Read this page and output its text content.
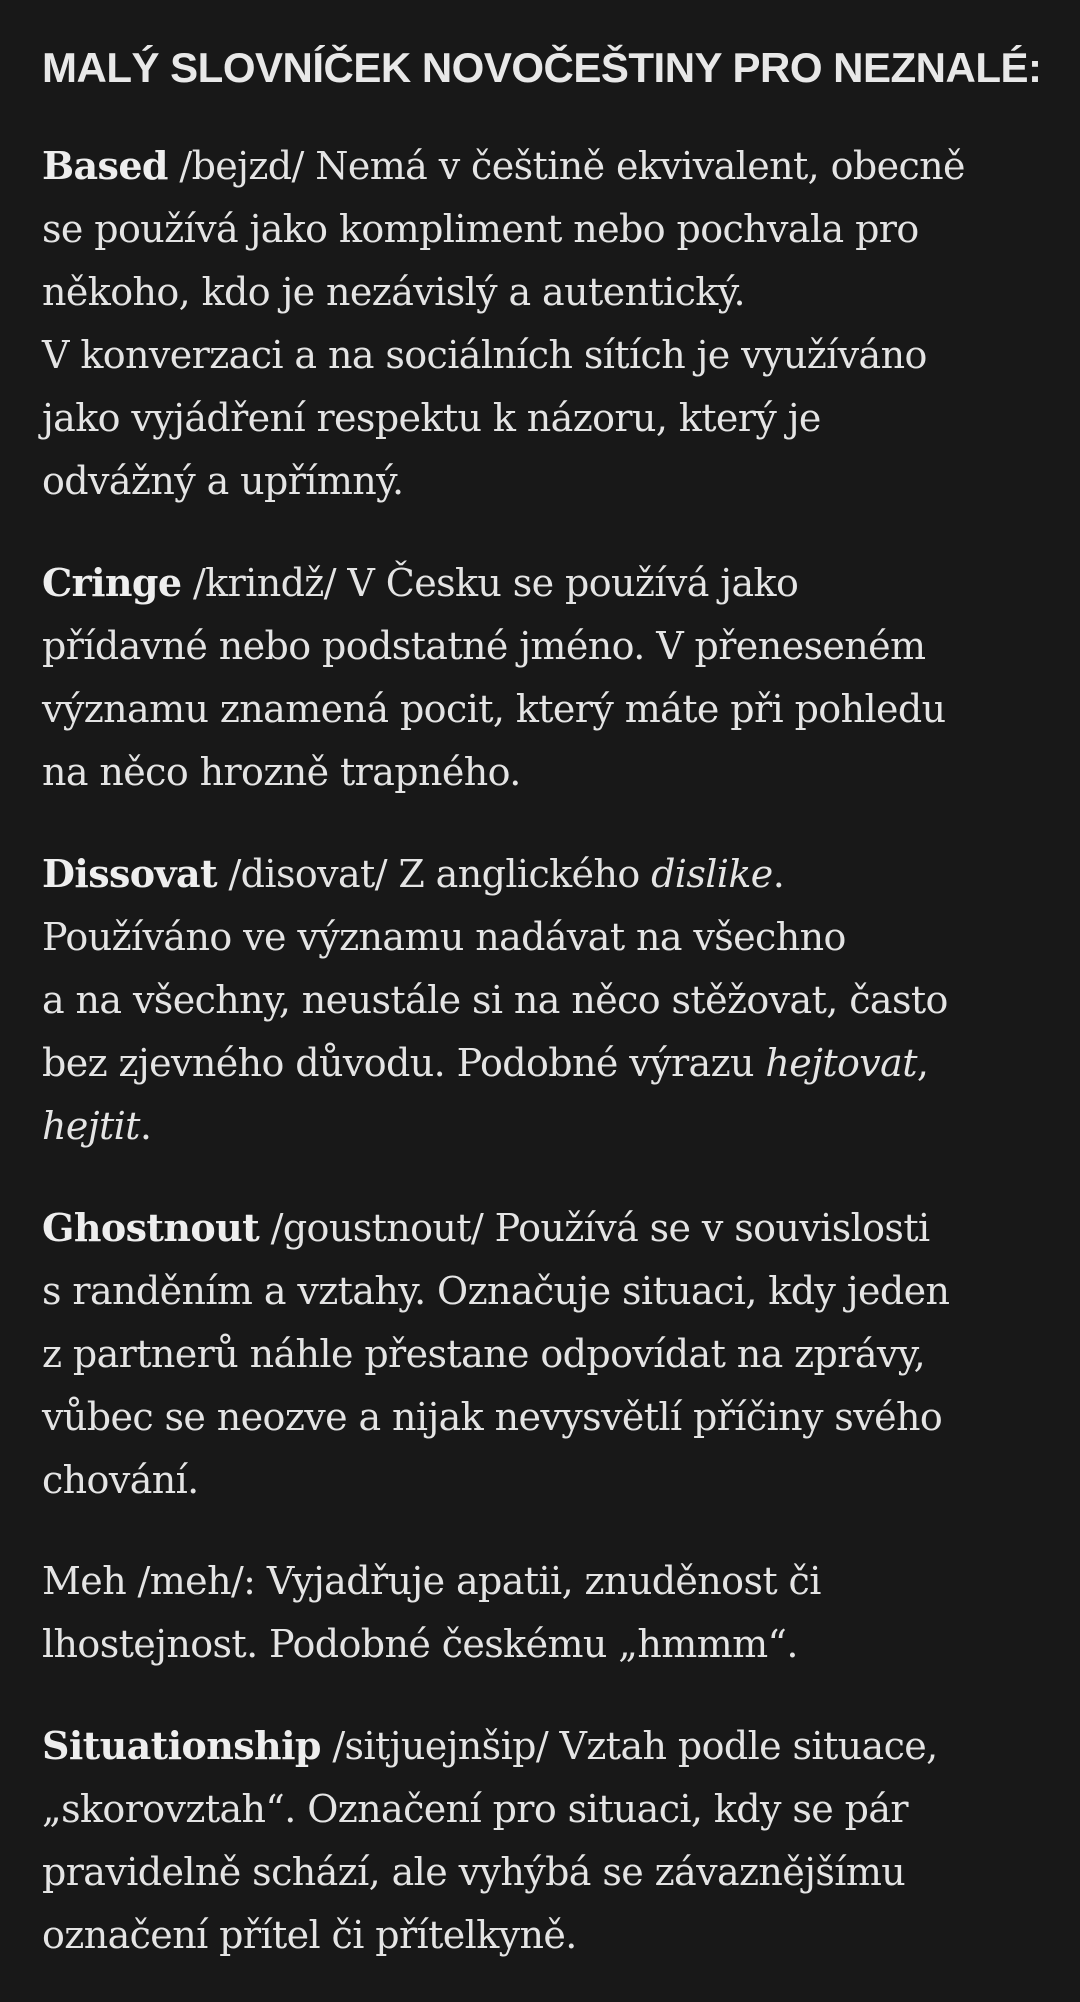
MALÝ SLOVNÍČEK NOVOČEŠTINY PRO NEZNALÉ:
Based /bejzd/ Nemá v češtině ekvivalent, obecně
se používá jako kompliment nebo pochvala pro
někoho, kdo je nezávislý a autentický.
V konverzaci a na sociálních sítích je využíváno
jako vyjádření respektu k názoru, který je
odvážný a upřímný.
Cringe /krindž/ V Česku se používá jako
přídavné nebo podstatné jméno. V přeneseném
významu znamená pocit, který máte při pohledu
na něco hrozně trapného.
Dissovat /disovat/ Z anglického dislike.
Používáno ve významu nadávat na všechno
a na všechny, neustále si na něco stěžovat, často
bez zjevného důvodu. Podobné výrazu hejtovat,
hejtit.
Ghostnout /goustnout/ Používá se v souvislosti
s randěním a vztahy. Označuje situaci, kdy jeden
z partnerů náhle přestane odpovídat na zprávy,
vůbec se neozve a nijak nevysvětlí příčiny svého
chování.
Meh /meh/: Vyjadřuje apatii, znuděnost či
lhostejnost. Podobné českému „hmmm“.
Situationship /sitjuejnšip/ Vztah podle situace,
„skorovztah“. Označení pro situaci, kdy se pár
pravidelně schází, ale vyhýbá se závaznějšímu
označení přítel či přítelkyně.
